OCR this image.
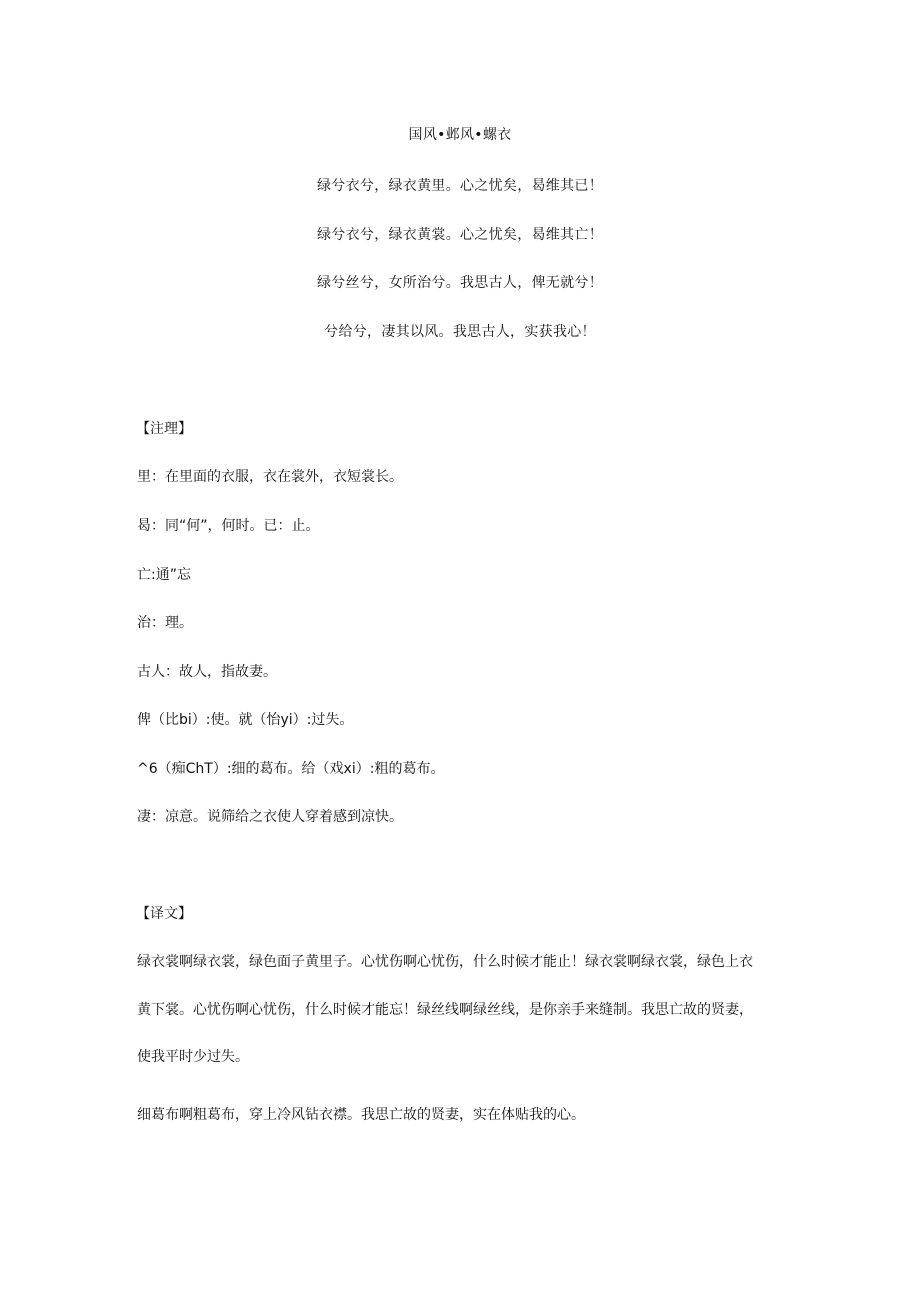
国风•邺风•螺衣
绿兮衣兮，绿衣黄里。心之忧矣，曷维其已！
绿兮衣兮，绿衣黄裳。心之忧矣，曷维其亡！
绿兮丝兮，女所治兮。我思古人，俾无就兮！
兮给兮，凄其以风。我思古人，实获我心！
【注理】
里：在里面的衣服，衣在裳外，衣短裳长。
曷：同“何”，何时。已：止。
亡:通”忘
治：理。
古人：故人，指故妻。
俾（比bi）:使。就（怡yi）:过失。
^6（痴ChT）:细的葛布。给（戏xi）:粗的葛布。
凄：凉意。说筛给之衣使人穿着感到凉快。
【译文】
绿衣裳啊绿衣裳，绿色面子黄里子。心忧伤啊心忧伤，什么时候才能止！绿衣裳啊绿衣裳，绿色上衣
黄下裳。心忧伤啊心忧伤，什么时候才能忘！绿丝线啊绿丝线，是你亲手来缝制。我思亡故的贤妻，
使我平时少过失。
细葛布啊粗葛布，穿上冷风钻衣襟。我思亡故的贤妻，实在体贴我的心。
